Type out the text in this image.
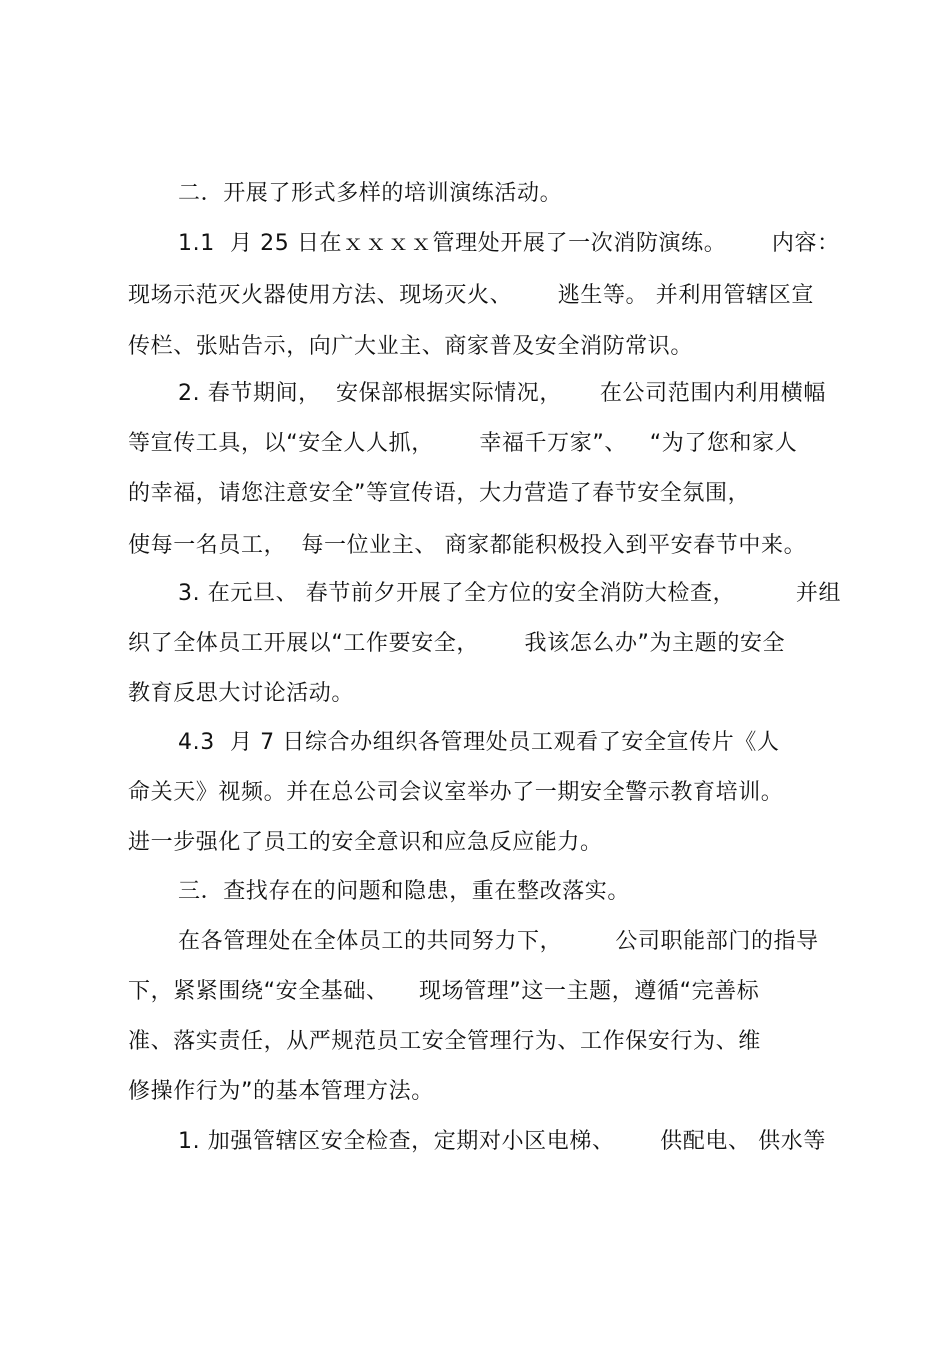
二．开展了形式多样的培训演练活动。
1.1  月 25 日在ｘｘｘｘ管理处开展了一次消防演练。      内容：
现场示范灭火器使用方法、现场灭火、      逃生等。 并利用管辖区宣
传栏、张贴告示，向广大业主、商家普及安全消防常识。
2. 春节期间，  安保部根据实际情况，     在公司范围内利用横幅
等宣传工具，以“安全人人抓，      幸福千万家”、   “为了您和家人
的幸福，请您注意安全”等宣传语，大力营造了春节安全氛围，
使每一名员工，  每一位业主、 商家都能积极投入到平安春节中来。
3. 在元旦、 春节前夕开展了全方位的安全消防大检查，        并组
织了全体员工开展以“工作要安全，      我该怎么办”为主题的安全
教育反思大讨论活动。
4.3  月 7 日综合办组织各管理处员工观看了安全宣传片《人
命关天》视频。并在总公司会议室举办了一期安全警示教育培训。
进一步强化了员工的安全意识和应急反应能力。
三．查找存在的问题和隐患，重在整改落实。
在各管理处在全体员工的共同努力下，       公司职能部门的指导
下，紧紧围绕“安全基础、    现场管理”这一主题，遵循“完善标
准、落实责任，从严规范员工安全管理行为、工作保安行为、维
修操作行为”的基本管理方法。
1. 加强管辖区安全检查，定期对小区电梯、      供配电、 供水等
